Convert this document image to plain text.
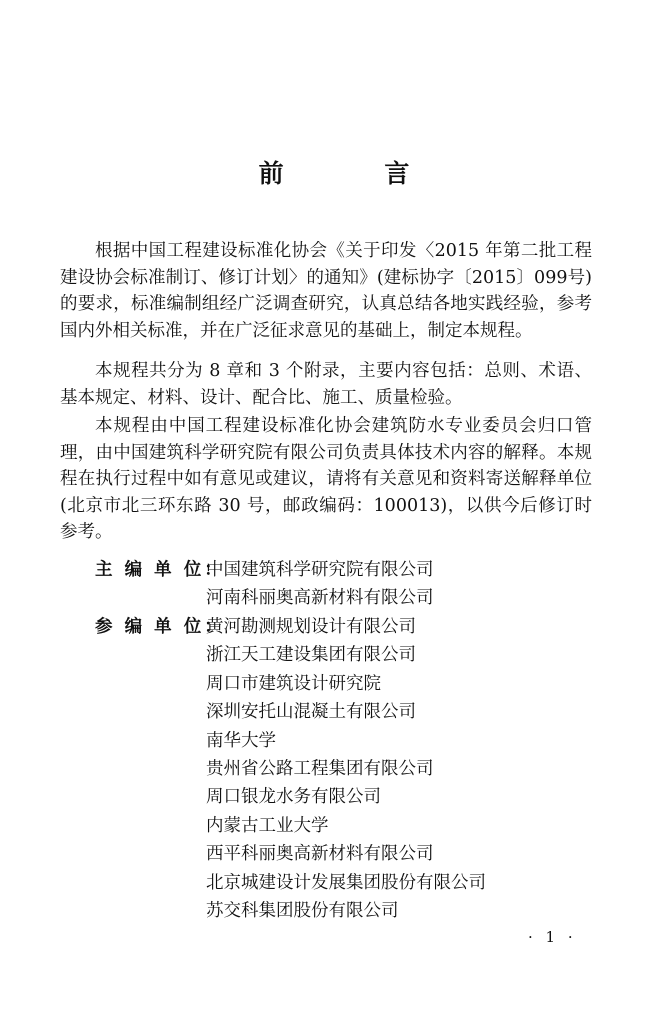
前 言

根据中国工程建设标准化协会《关于印发〈2015 年第二批工程建设协会标准制订、修订计划〉的通知》(建标协字〔2015〕099号)的要求，标准编制组经广泛调查研究，认真总结各地实践经验，参考国内外相关标准，并在广泛征求意见的基础上，制定本规程。

本规程共分为 8 章和 3 个附录，主要内容包括：总则、术语、基本规定、材料、设计、配合比、施工、质量检验。

本规程由中国工程建设标准化协会建筑防水专业委员会归口管理，由中国建筑科学研究院有限公司负责具体技术内容的解释。本规程在执行过程中如有意见或建议，请将有关意见和资料寄送解释单位(北京市北三环东路 30 号，邮政编码：100013)，以供今后修订时参考。

主 编 单 位：
中国建筑科学研究院有限公司
河南科丽奥高新材料有限公司
参 编 单 位：
黄河勘测规划设计有限公司
浙江天工建设集团有限公司
周口市建筑设计研究院
深圳安托山混凝土有限公司
南华大学
贵州省公路工程集团有限公司
周口银龙水务有限公司
内蒙古工业大学
西平科丽奥高新材料有限公司
北京城建设计发展集团股份有限公司
苏交科集团股份有限公司
· 1 ·
